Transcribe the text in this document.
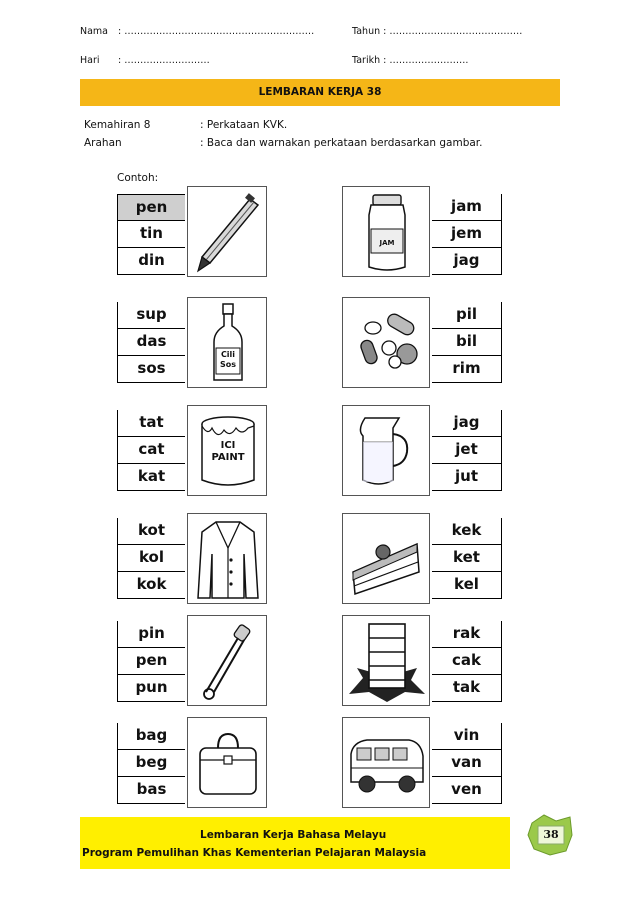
Nama : ……………………………………………………	Tahun : ……………………………………
Hari : ………………………	Tarikh : …………………….
LEMBARAN KERJA 38
Kemahiran 8	: Perkataan KVK.
Arahan	: Baca dan warnakan perkataan berdasarkan gambar.
Contoh:
pen
tin
din
sup
das
sos
Cili
Sos
tat
cat
kat
ICI
PAINT
kot
kol
kok
pin
pen
pun
bag
beg
bas
JAM
jam
jem
jag
pil
bil
rim
jag
jet
jut
kek
ket
kel
rak
cak
tak
vin
van
ven
Lembaran Kerja Bahasa Melayu
Program Pemulihan Khas Kementerian Pelajaran Malaysia
38
